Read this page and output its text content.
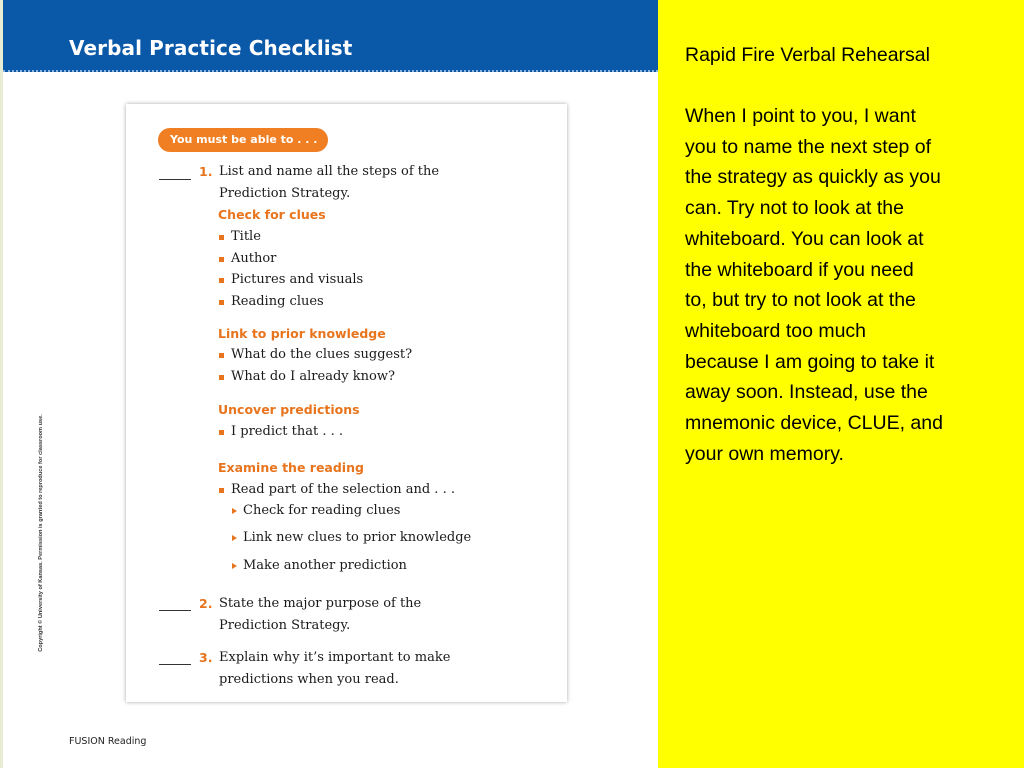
Verbal Practice Checklist
You must be able to . . .
1. List and name all the steps of the
Prediction Strategy.
Check for clues
Title
Author
Pictures and visuals
Reading clues
Link to prior knowledge
What do the clues suggest?
What do I already know?
Uncover predictions
I predict that . . .
Examine the reading
Read part of the selection and . . .
Check for reading clues
Link new clues to prior knowledge
Make another prediction
2. State the major purpose of the
Prediction Strategy.
3. Explain why it’s important to make
predictions when you read.
Copyright © University of Kansas. Permission is granted to reproduce for classroom use.
FUSION Reading
Rapid Fire Verbal Rehearsal
When I point to you, I want
you to name the next step of
the strategy as quickly as you
can. Try not to look at the
whiteboard. You can look at
the whiteboard if you need
to, but try to not look at the
whiteboard too much
because I am going to take it
away soon. Instead, use the
mnemonic device, CLUE, and
your own memory.
